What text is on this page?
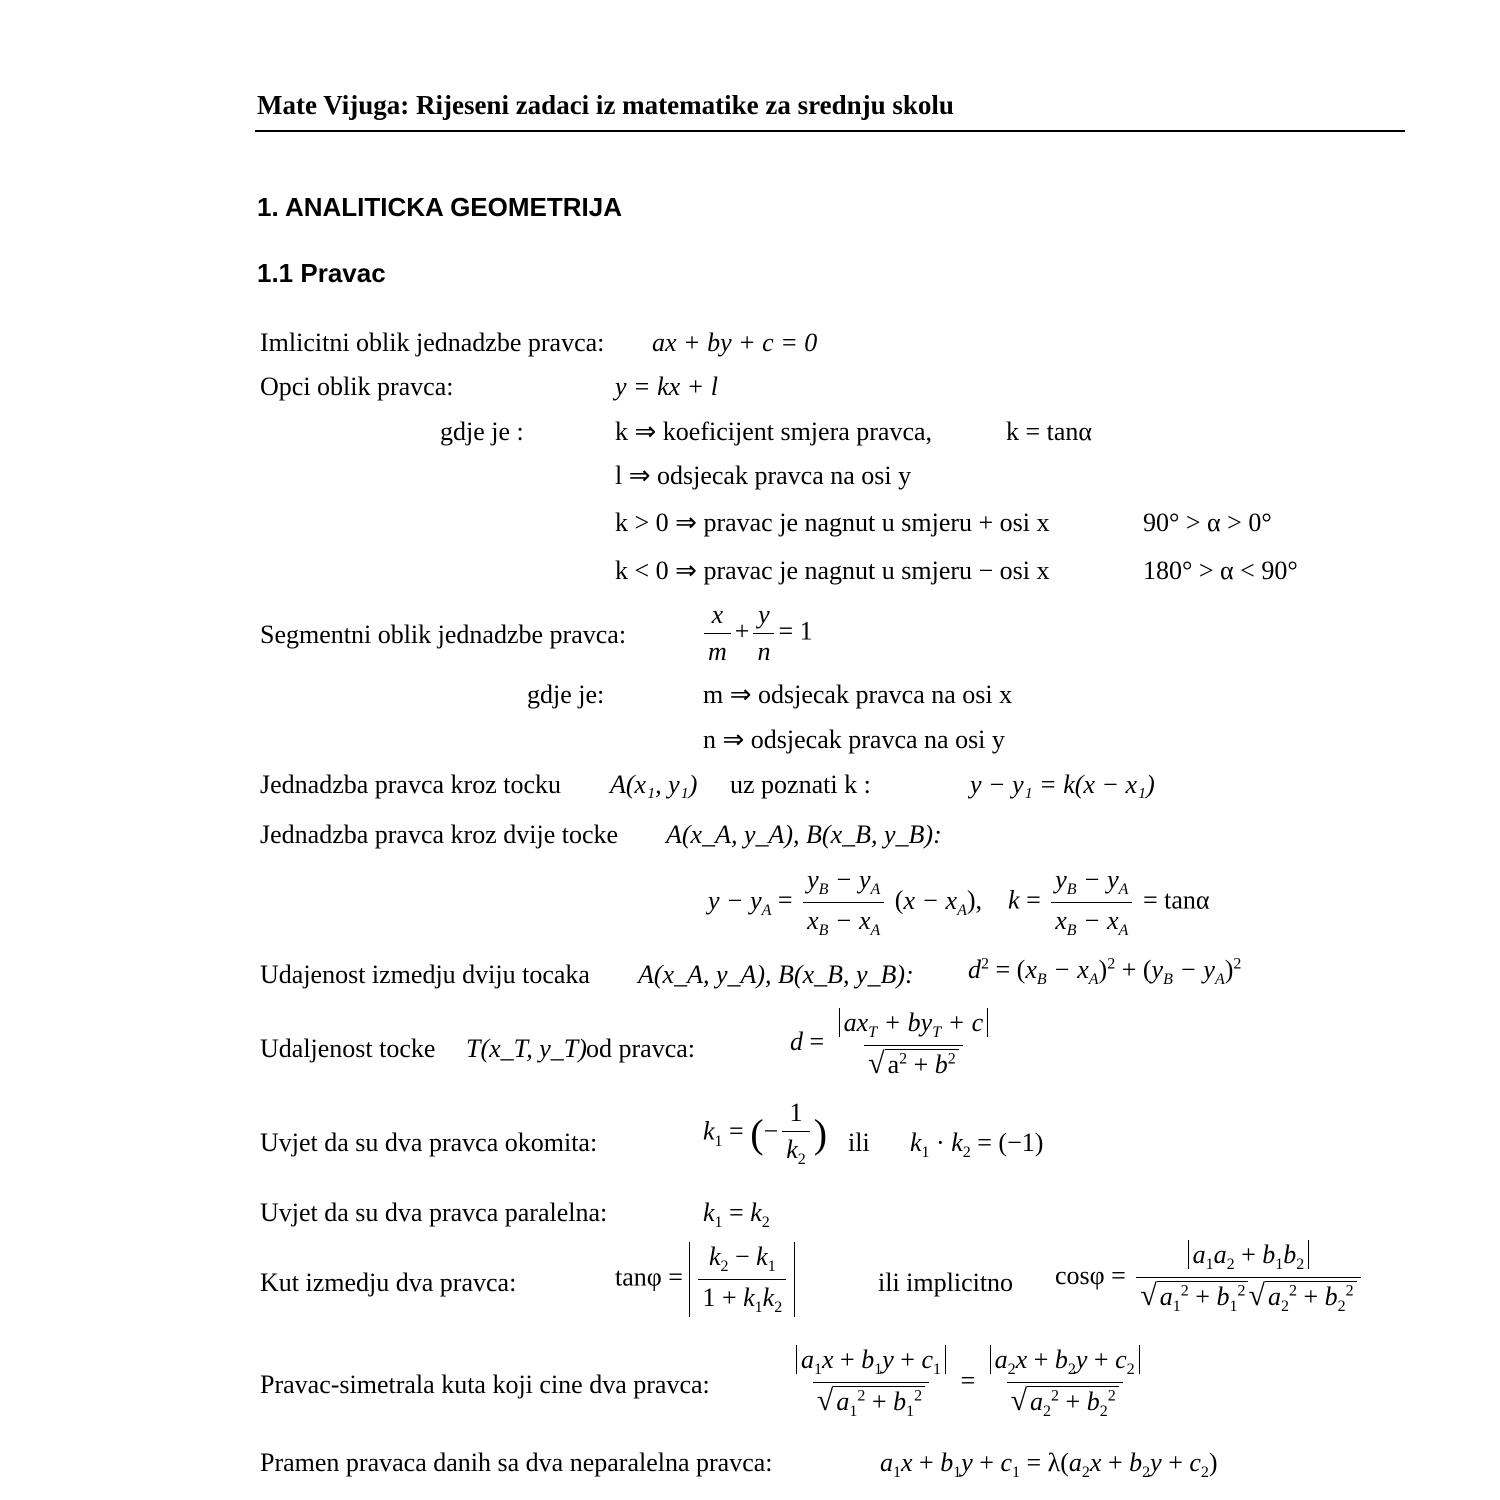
Mate Vijuga: Rijeseni zadaci iz matematike za srednju skolu
1. ANALITICKA GEOMETRIJA
1.1 Pravac
Imlicitni oblik jednadzbe pravca: ax + by + c = 0
Opci oblik pravca:	y = kx + l
gdje je :	k ⇒ koeficijent smjera pravca,	k = tanα
l ⇒ odsjecak pravca na osi y
k > 0 ⇒ pravac je nagnut u smjeru + osi x	90° > α > 0°
k < 0 ⇒ pravac je nagnut u smjeru − osi x	180° > α < 90°
Segmentni oblik jednadzbe pravca:	$\frac{x}{m} + \frac{y}{n} = 1$
gdje je:	m ⇒ odsjecak pravca na osi x
n ⇒ odsjecak pravca na osi y
Jednadzba pravca kroz tocku A(x₁, y₁) uz poznati k :	y − y₁ = k(x − x₁)
Jednadzba pravca kroz dvije tocke A(x_A, y_A), B(x_B, y_B):
$y - y_A = \frac{y_B - y_A}{x_B - x_A} (x - x_A)$,    $k = \frac{y_B - y_A}{x_B - x_A} = \tan\alpha$
Udajenost izmedju dviju tocaka A(x_A, y_A), B(x_B, y_B): $d^2 = (x_B - x_A)^2 + (y_B - y_A)^2$
Udaljenost tocke T(x_T, y_T) od pravca:	$d = \frac{ax_T + by_T + c}{√ a^2 + b^2}$
Uvjet da su dva pravca okomita:	$k_1$ = (− $\frac{1}{k_2}$ ) ili $k_1 \cdot k_2 = (-1)$
Uvjet da su dva pravca paralelna:	$k_1 = k_2$
Kut izmedju dva pravca:	$\tan\varphi = \frac{k_2 - k_1}{1 + k_1k_2}$	ili implicitno $\cos\varphi = \frac{a_1a_2 + b_1b_2}{√ a_1^2 + b_1^2 √ a_2^2 + b_2^2}$
Pravac-simetrala kuta koji cine dva pravca:	$\frac{a_1x + b_1y + c_1}{√ a_1^2 + b_1^2} = \frac{a_2x + b_2y + c_2}{√ a_2^2 + b_2^2}$
Pramen pravaca danih sa dva neparalelna pravca:	$a_1x + b_1y + c_1 = \lambda(a_2x + b_2y + c_2)$
